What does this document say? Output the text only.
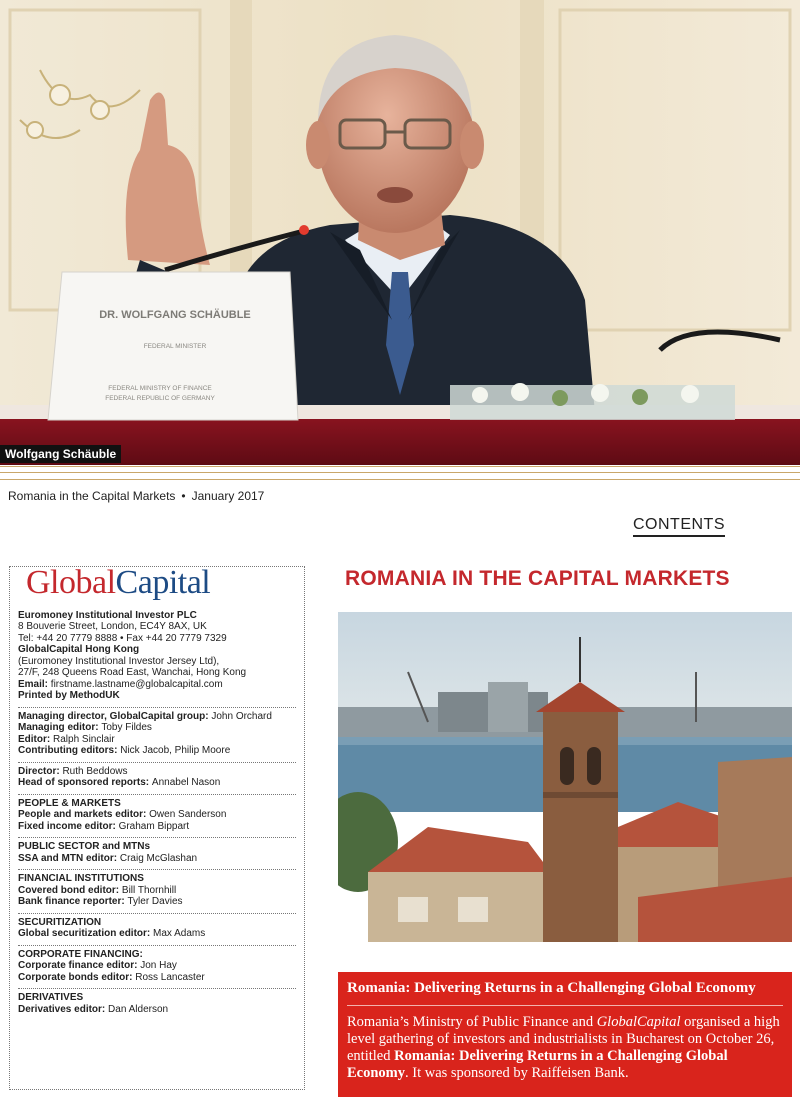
DR. WOLFGANG SCHÄUBLE
FEDERAL MINISTER
FEDERAL MINISTRY OF FINANCE
FEDERAL REPUBLIC OF GERMANY
Wolfgang Schäuble
Romania in the Capital Markets • January 2017
CONTENTS
GlobalCapital
Euromoney Institutional Investor PLC
8 Bouverie Street, London, EC4Y 8AX, UK
Tel: +44 20 7779 8888 • Fax +44 20 7779 7329
GlobalCapital Hong Kong
(Euromoney Institutional Investor Jersey Ltd),
27/F, 248 Queens Road East, Wanchai, Hong Kong
Email: firstname.lastname@globalcapital.com
Printed by MethodUK
Managing director, GlobalCapital group: John Orchard
Managing editor: Toby Fildes
Editor: Ralph Sinclair
Contributing editors: Nick Jacob, Philip Moore
Director: Ruth Beddows
Head of sponsored reports: Annabel Nason
PEOPLE & MARKETS
People and markets editor: Owen Sanderson
Fixed income editor: Graham Bippart
PUBLIC SECTOR and MTNs
SSA and MTN editor: Craig McGlashan
FINANCIAL INSTITUTIONS
Covered bond editor: Bill Thornhill
Bank finance reporter: Tyler Davies
SECURITIZATION
Global securitization editor: Max Adams
CORPORATE FINANCING:
Corporate finance editor: Jon Hay
Corporate bonds editor: Ross Lancaster
DERIVATIVES
Derivatives editor: Dan Alderson
ROMANIA IN THE CAPITAL MARKETS
Romania: Delivering Returns in a Challenging Global Economy
Romania’s Ministry of Public Finance and GlobalCapital organised a high level gathering of investors and industrialists in Bucharest on October 26, entitled Romania: Delivering Returns in a Challenging Global Economy. It was sponsored by Raiffeisen Bank.
